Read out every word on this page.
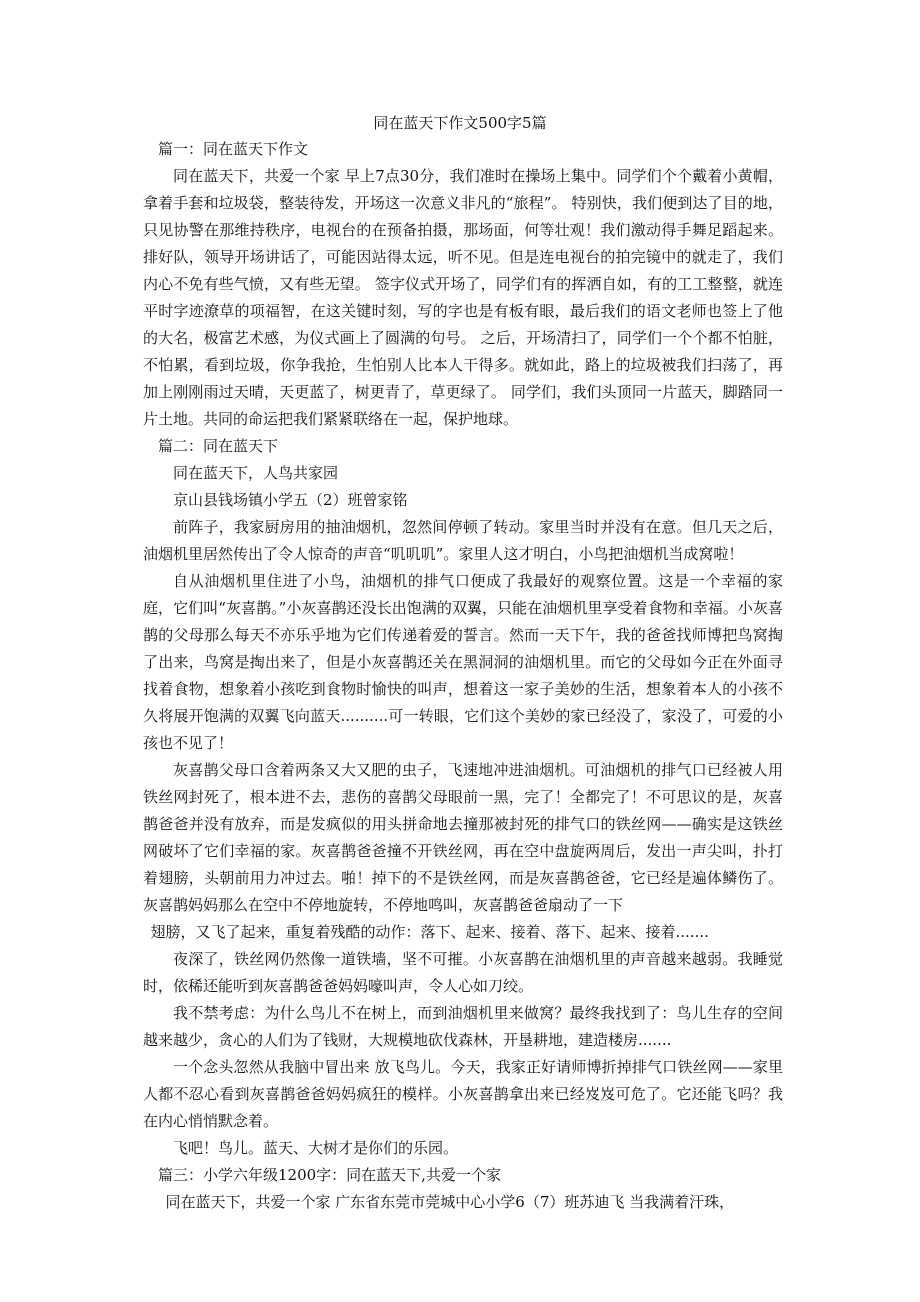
同在蓝天下作文500字5篇

篇一：同在蓝天下作文

同在蓝天下，共爱一个家 早上7点30分，我们准时在操场上集中。同学们个个戴着小黄帽，拿着手套和垃圾袋，整装待发，开场这一次意义非凡的“旅程”。 特别快，我们便到达了目的地，只见协警在那维持秩序，电视台的在预备拍摄，那场面，何等壮观！我们激动得手舞足蹈起来。 排好队，领导开场讲话了，可能因站得太远，听不见。但是连电视台的拍完镜中的就走了，我们内心不免有些气愤，又有些无望。 签字仪式开场了，同学们有的挥洒自如，有的工工整整，就连平时字迹潦草的项福智，在这关键时刻，写的字也是有板有眼，最后我们的语文老师也签上了他的大名，极富艺术感，为仪式画上了圆满的句号。 之后，开场清扫了，同学们一个个都不怕脏，不怕累，看到垃圾，你争我抢，生怕别人比本人干得多。就如此，路上的垃圾被我们扫荡了，再加上刚刚雨过天晴，天更蓝了，树更青了，草更绿了。 同学们，我们头顶同一片蓝天，脚踏同一片土地。共同的命运把我们紧紧联络在一起，保护地球。

篇二：同在蓝天下

同在蓝天下，人鸟共家园

京山县钱场镇小学五（2）班曾家铭

前阵子，我家厨房用的抽油烟机，忽然间停顿了转动。家里当时并没有在意。但几天之后，油烟机里居然传出了令人惊奇的声音“叽叽叽”。家里人这才明白，小鸟把油烟机当成窝啦！

自从油烟机里住进了小鸟，油烟机的排气口便成了我最好的观察位置。这是一个幸福的家庭，它们叫“灰喜鹊。”小灰喜鹊还没长出饱满的双翼，只能在油烟机里享受着食物和幸福。小灰喜鹊的父母那么每天不亦乐乎地为它们传递着爱的誓言。然而一天下午，我的爸爸找师博把鸟窝掏了出来，鸟窝是掏出来了，但是小灰喜鹊还关在黑洞洞的油烟机里。而它的父母如今正在外面寻找着食物，想象着小孩吃到食物时愉快的叫声，想着这一家子美妙的生活，想象着本人的小孩不久将展开饱满的双翼飞向蓝天..........可一转眼，它们这个美妙的家已经没了，家没了，可爱的小孩也不见了！

灰喜鹊父母口含着两条又大又肥的虫子，飞速地冲进油烟机。可油烟机的排气口已经被人用铁丝网封死了，根本进不去，悲伤的喜鹊父母眼前一黑，完了！全都完了！不可思议的是，灰喜鹊爸爸并没有放弃，而是发疯似的用头拼命地去撞那被封死的排气口的铁丝网——确实是这铁丝网破坏了它们幸福的家。灰喜鹊爸爸撞不开铁丝网，再在空中盘旋两周后，发出一声尖叫，扑打着翅膀，头朝前用力冲过去。啪！掉下的不是铁丝网，而是灰喜鹊爸爸，它已经是遍体鳞伤了。灰喜鹊妈妈那么在空中不停地旋转，不停地鸣叫，灰喜鹊爸爸扇动了一下

翅膀，又飞了起来，重复着残酷的动作：落下、起来、接着、落下、起来、接着.......

夜深了，铁丝网仍然像一道铁墙，坚不可摧。小灰喜鹊在油烟机里的声音越来越弱。我睡觉时，依稀还能听到灰喜鹊爸爸妈妈嚎叫声，令人心如刀绞。

我不禁考虑：为什么鸟儿不在树上，而到油烟机里来做窝？最终我找到了：鸟儿生存的空间越来越少，贪心的人们为了钱财，大规模地砍伐森林，开垦耕地，建造楼房.......

一个念头忽然从我脑中冒出来 放飞鸟儿。今天，我家正好请师博折掉排气口铁丝网——家里人都不忍心看到灰喜鹊爸爸妈妈疯狂的模样。小灰喜鹊拿出来已经岌岌可危了。它还能飞吗？我在内心悄悄默念着。

飞吧！鸟儿。蓝天、大树才是你们的乐园。

篇三：小学六年级1200字：同在蓝天下,共爱一个家

同在蓝天下，共爱一个家 广东省东莞市莞城中心小学6（7）班苏迪飞 当我满着汗珠，
